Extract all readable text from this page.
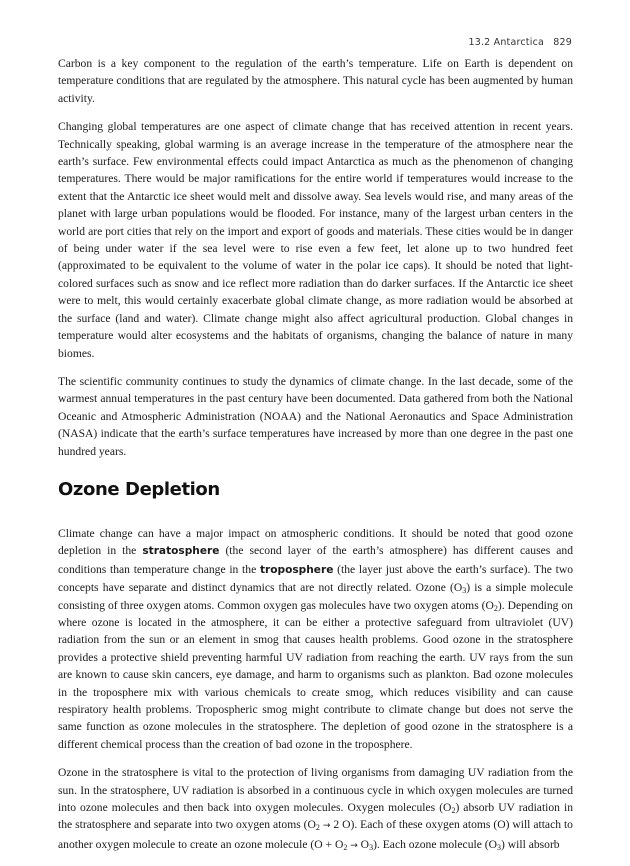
13.2 Antarctica 829

Carbon is a key component to the regulation of the earth’s temperature. Life on Earth is dependent on temperature conditions that are regulated by the atmosphere. This natural cycle has been augmented by human activity.

Changing global temperatures are one aspect of climate change that has received attention in recent years. Technically speaking, global warming is an average increase in the temperature of the atmosphere near the earth’s surface. Few environmental effects could impact Antarctica as much as the phenomenon of changing temperatures. There would be major ramifications for the entire world if temperatures would increase to the extent that the Antarctic ice sheet would melt and dissolve away. Sea levels would rise, and many areas of the planet with large urban populations would be flooded. For instance, many of the largest urban centers in the world are port cities that rely on the import and export of goods and materials. These cities would be in danger of being under water if the sea level were to rise even a few feet, let alone up to two hundred feet (approximated to be equivalent to the volume of water in the polar ice caps). It should be noted that light-colored surfaces such as snow and ice reflect more radiation than do darker surfaces. If the Antarctic ice sheet were to melt, this would certainly exacerbate global climate change, as more radiation would be absorbed at the surface (land and water). Climate change might also affect agricultural production. Global changes in temperature would alter ecosystems and the habitats of organisms, changing the balance of nature in many biomes.

The scientific community continues to study the dynamics of climate change. In the last decade, some of the warmest annual temperatures in the past century have been documented. Data gathered from both the National Oceanic and Atmospheric Administration (NOAA) and the National Aeronautics and Space Administration (NASA) indicate that the earth’s surface temperatures have increased by more than one degree in the past one hundred years.

Ozone Depletion

Climate change can have a major impact on atmospheric conditions. It should be noted that good ozone depletion in the stratosphere (the second layer of the earth’s atmosphere) has different causes and conditions than temperature change in the troposphere (the layer just above the earth’s surface). The two concepts have separate and distinct dynamics that are not directly related. Ozone $(O_3)$ is a simple molecule consisting of three oxygen atoms. Common oxygen gas molecules have two oxygen atoms $(O_2)$. Depending on where ozone is located in the atmosphere, it can be either a protective safeguard from ultraviolet (UV) radiation from the sun or an element in smog that causes health problems. Good ozone in the stratosphere provides a protective shield preventing harmful UV radiation from reaching the earth. UV rays from the sun are known to cause skin cancers, eye damage, and harm to organisms such as plankton. Bad ozone molecules in the troposphere mix with various chemicals to create smog, which reduces visibility and can cause respiratory health problems. Tropospheric smog might contribute to climate change but does not serve the same function as ozone molecules in the stratosphere. The depletion of good ozone in the stratosphere is a different chemical process than the creation of bad ozone in the troposphere.

Ozone in the stratosphere is vital to the protection of living organisms from damaging UV radiation from the sun. In the stratosphere, UV radiation is absorbed in a continuous cycle in which oxygen molecules are turned into ozone molecules and then back into oxygen molecules. Oxygen molecules $(O_2)$ absorb UV radiation in the stratosphere and separate into two oxygen atoms ($O_2 \to 2$ O). Each of these oxygen atoms (O) will attach to another oxygen molecule to create an ozone molecule $(O + O_2 \to O_3)$. Each ozone molecule $(O_3)$ will absorb
